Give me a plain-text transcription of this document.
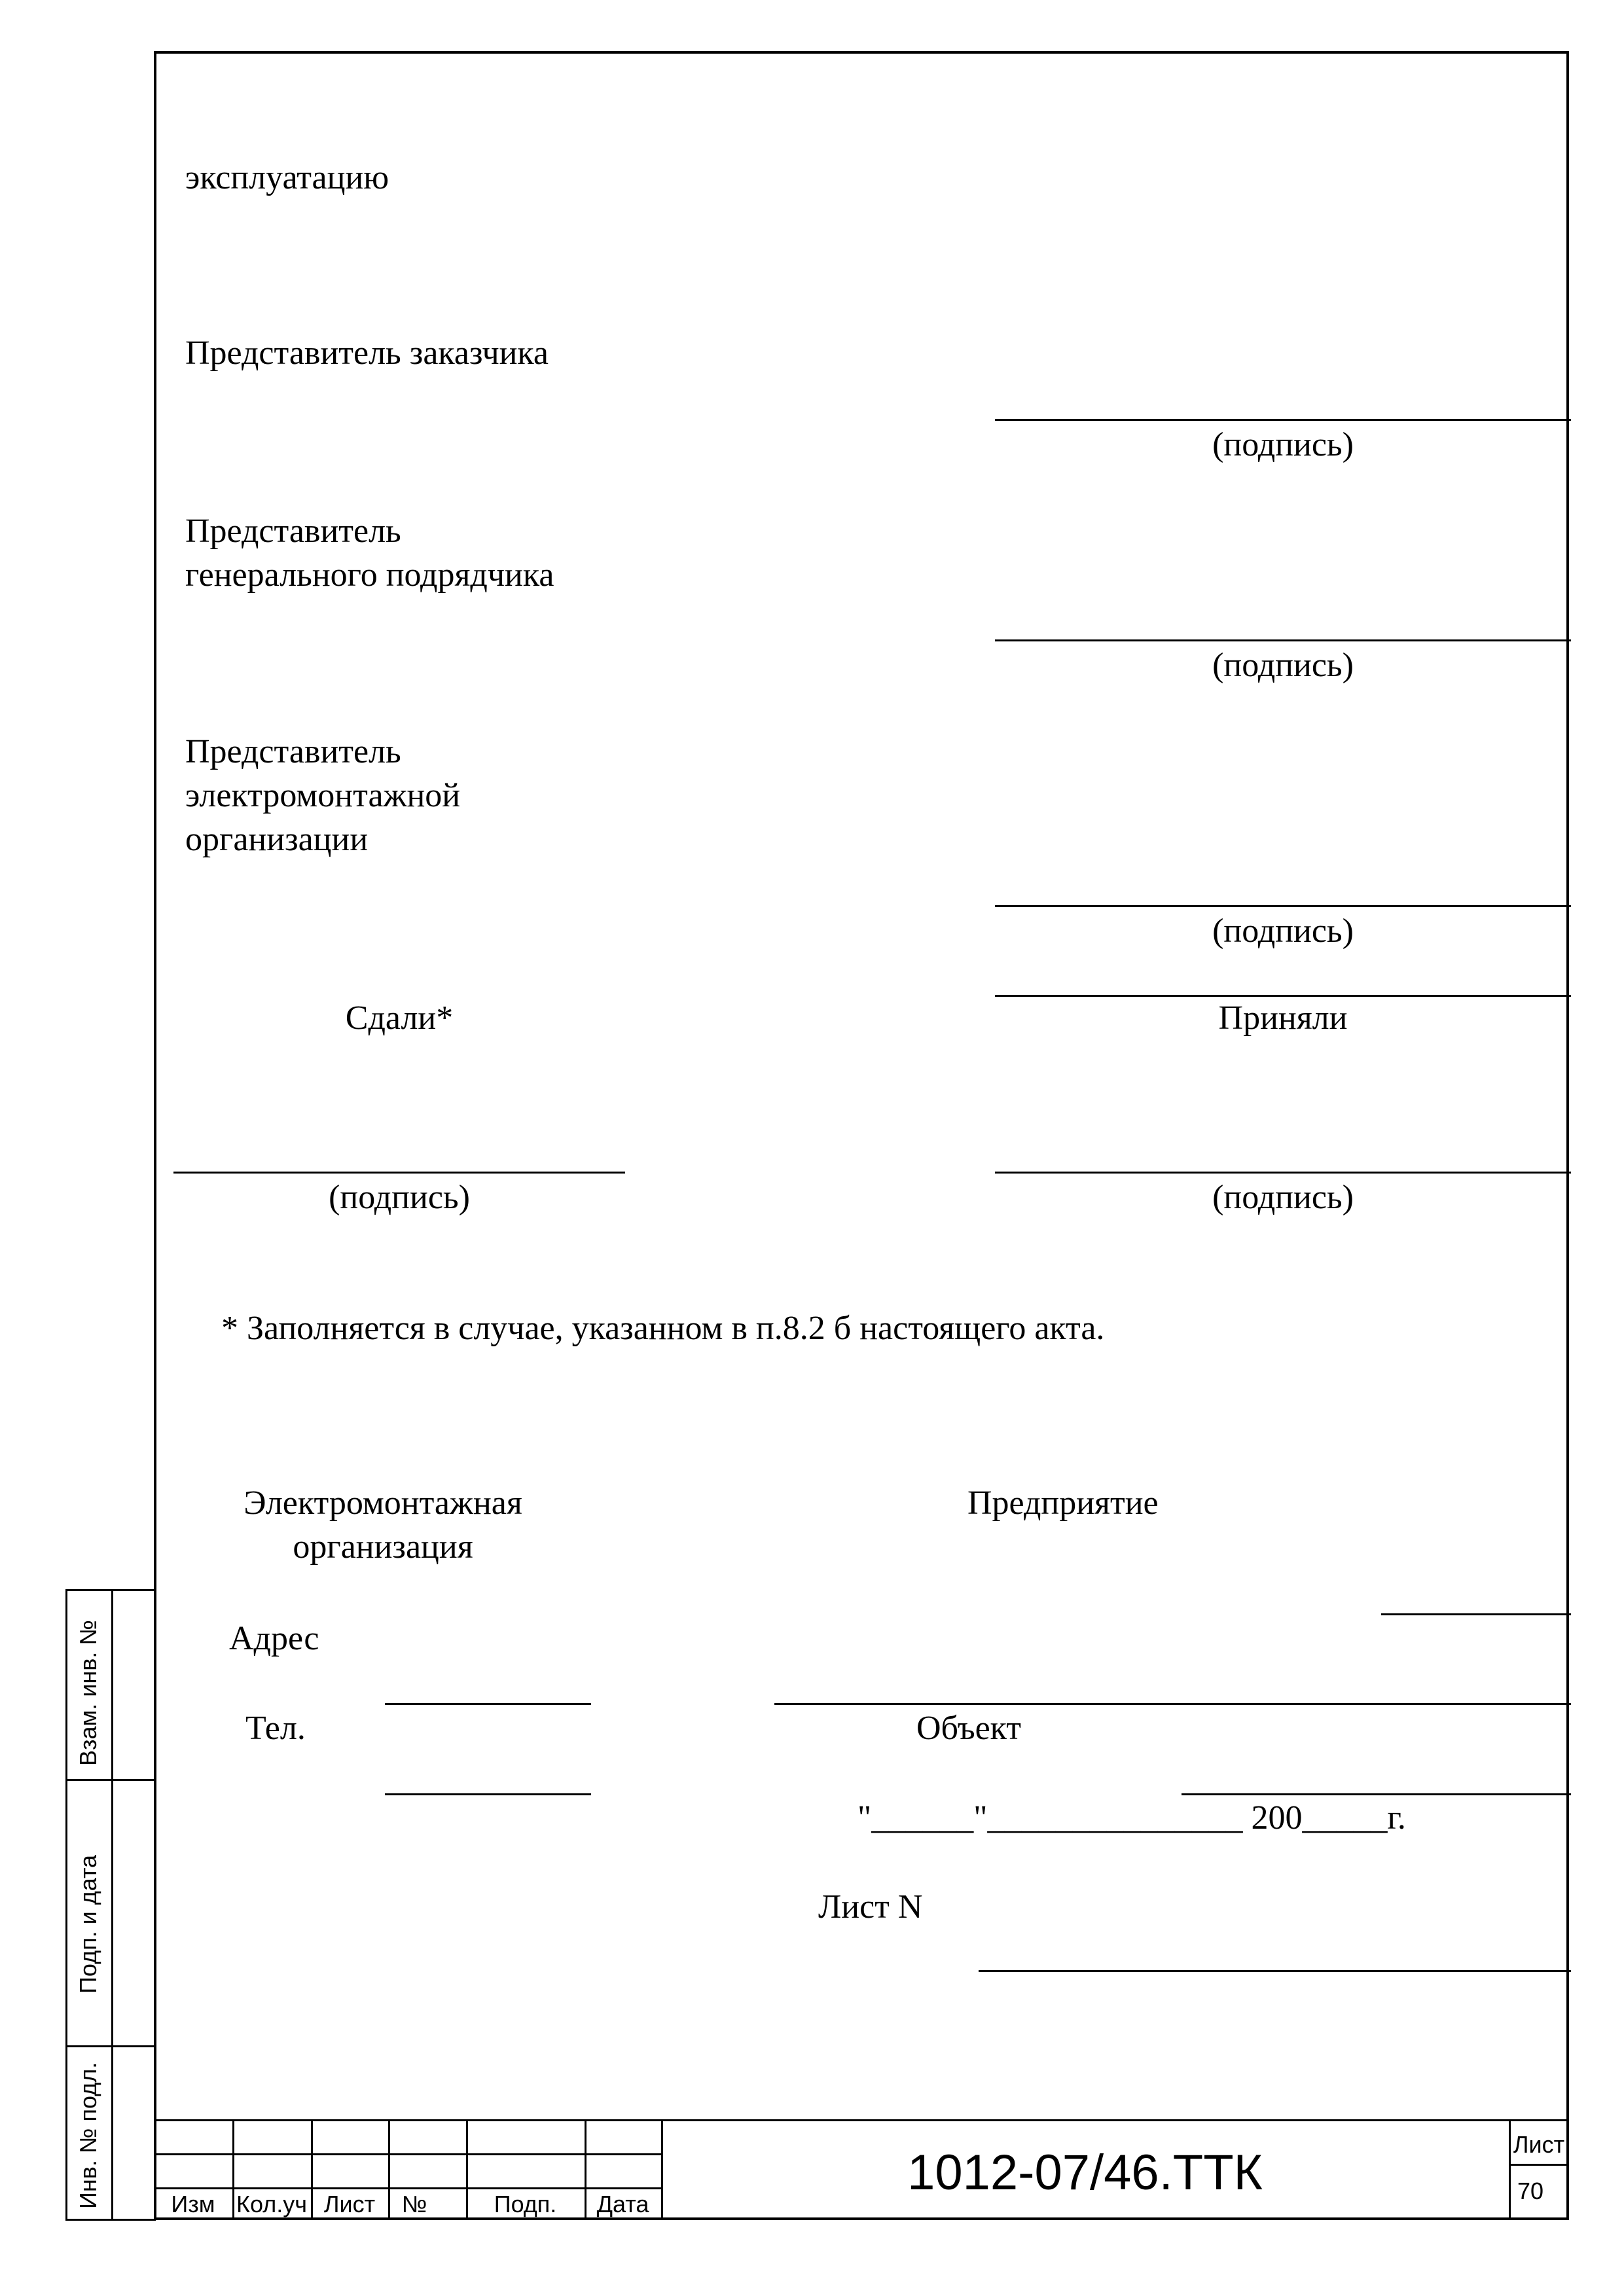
эксплуатацию
Представитель заказчика
(подпись)
Представитель
генерального подрядчика
(подпись)
Представитель
электромонтажной
организации
(подпись)
Сдали*	Приняли
(подпись)	(подпись)
* Заполняется в случае, указанном в п.8.2 б настоящего акта.
Электромонтажная
организация
Предприятие
Адрес
Тел.	Объект
"______"_______________ 200_____г.
Лист N
Взам. инв. №
Подп. и дата
Инв. № подл.	Изм Кол.уч Лист	№	Подп.	Дата
1012-07/46.ТТК
Лист
70
